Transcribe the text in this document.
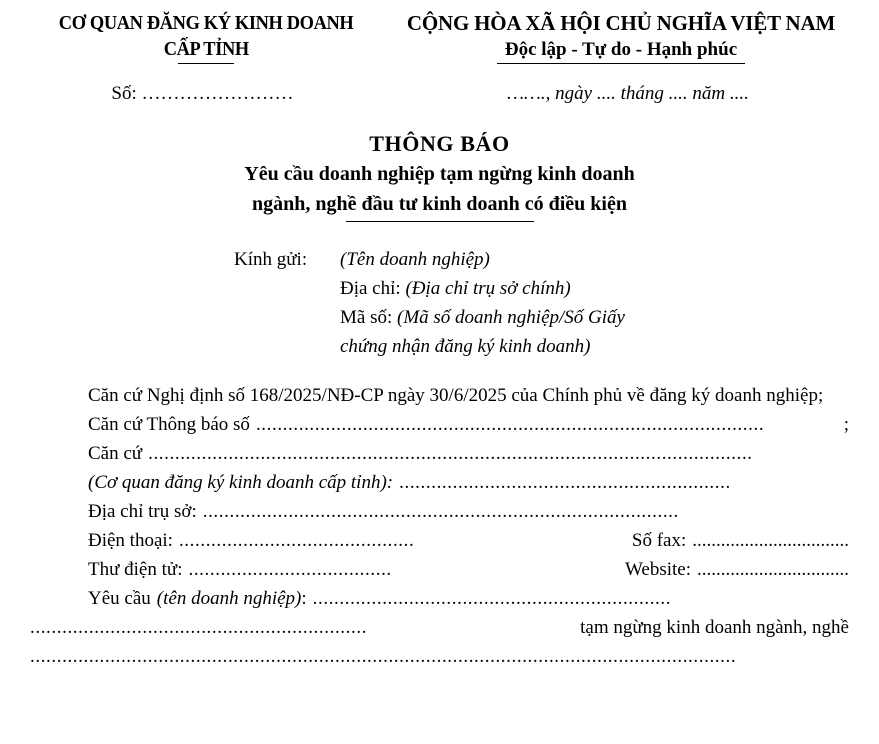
CƠ QUAN ĐĂNG KÝ KINH DOANH
CẤP TỈNH
CỘNG HÒA XÃ HỘI CHỦ NGHĨA VIỆT NAM
Độc lập - Tự do - Hạnh phúc
Số: ……………………	……., ngày .... tháng .... năm ....
THÔNG BÁO
Yêu cầu doanh nghiệp tạm ngừng kinh doanh
ngành, nghề đầu tư kinh doanh có điều kiện
Kính gửi:	(Tên doanh nghiệp)
Địa chỉ: (Địa chỉ trụ sở chính)
Mã số: (Mã số doanh nghiệp/Số Giấy
chứng nhận đăng ký kinh doanh)
Căn cứ Nghị định số 168/2025/NĐ-CP ngày 30/6/2025 của Chính phủ về đăng ký doanh nghiệp;
Căn cứ Thông báo số ...............................................................................................	;
Căn cứ .................................................................................................................
(Cơ quan đăng ký kinh doanh cấp tỉnh): ..............................................................
Địa chỉ trụ sở: .........................................................................................
Điện thoại: ............................................	Số fax: .................................
Thư điện tử: ......................................	Website: ................................
Yêu cầu (tên doanh nghiệp) : ...................................................................
...............................................................	tạm ngừng kinh doanh ngành, nghề
....................................................................................................................................
